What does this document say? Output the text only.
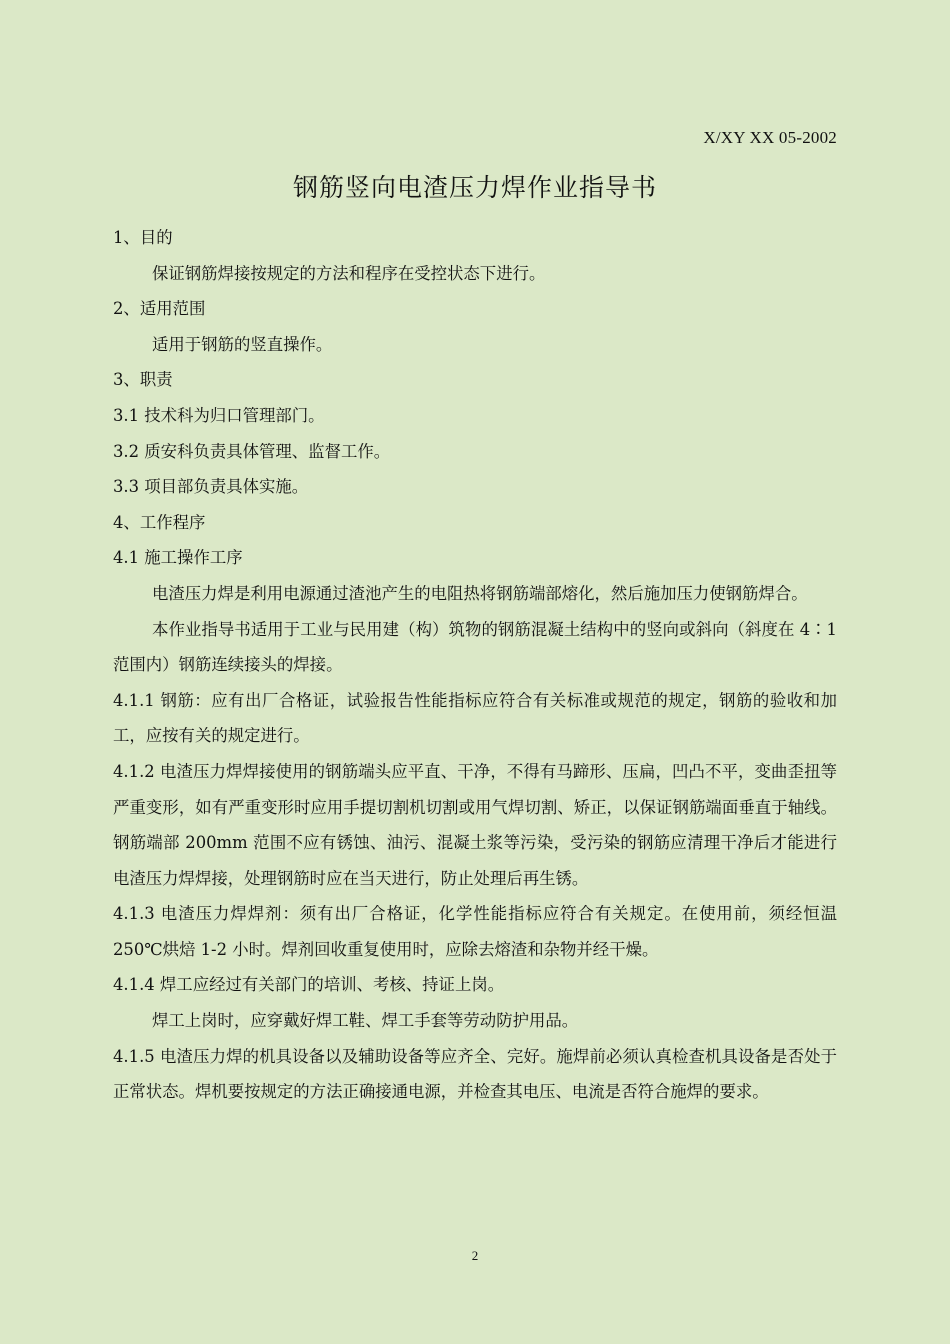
X/XY XX 05-2002
钢筋竖向电渣压力焊作业指导书

1、目的

保证钢筋焊接按规定的方法和程序在受控状态下进行。

2、适用范围

适用于钢筋的竖直操作。

3、职责

3.1 技术科为归口管理部门。

3.2 质安科负责具体管理、监督工作。

3.3 项目部负责具体实施。

4、工作程序

4.1 施工操作工序

电渣压力焊是利用电源通过渣池产生的电阻热将钢筋端部熔化，然后施加压力使钢筋焊合。

本作业指导书适用于工业与民用建（构）筑物的钢筋混凝土结构中的竖向或斜向（斜度在 4∶1 范围内）钢筋连续接头的焊接。

4.1.1 钢筋：应有出厂合格证，试验报告性能指标应符合有关标准或规范的规定，钢筋的验收和加工，应按有关的规定进行。

4.1.2 电渣压力焊焊接使用的钢筋端头应平直、干净，不得有马蹄形、压扁，凹凸不平，变曲歪扭等严重变形，如有严重变形时应用手提切割机切割或用气焊切割、矫正，以保证钢筋端面垂直于轴线。钢筋端部 200mm 范围不应有锈蚀、油污、混凝土浆等污染，受污染的钢筋应清理干净后才能进行电渣压力焊焊接，处理钢筋时应在当天进行，防止处理后再生锈。

4.1.3 电渣压力焊焊剂：须有出厂合格证，化学性能指标应符合有关规定。在使用前，须经恒温 250℃烘焙 1-2 小时。焊剂回收重复使用时，应除去熔渣和杂物并经干燥。

4.1.4 焊工应经过有关部门的培训、考核、持证上岗。

焊工上岗时，应穿戴好焊工鞋、焊工手套等劳动防护用品。

4.1.5 电渣压力焊的机具设备以及辅助设备等应齐全、完好。施焊前必须认真检查机具设备是否处于正常状态。焊机要按规定的方法正确接通电源，并检查其电压、电流是否符合施焊的要求。

2
